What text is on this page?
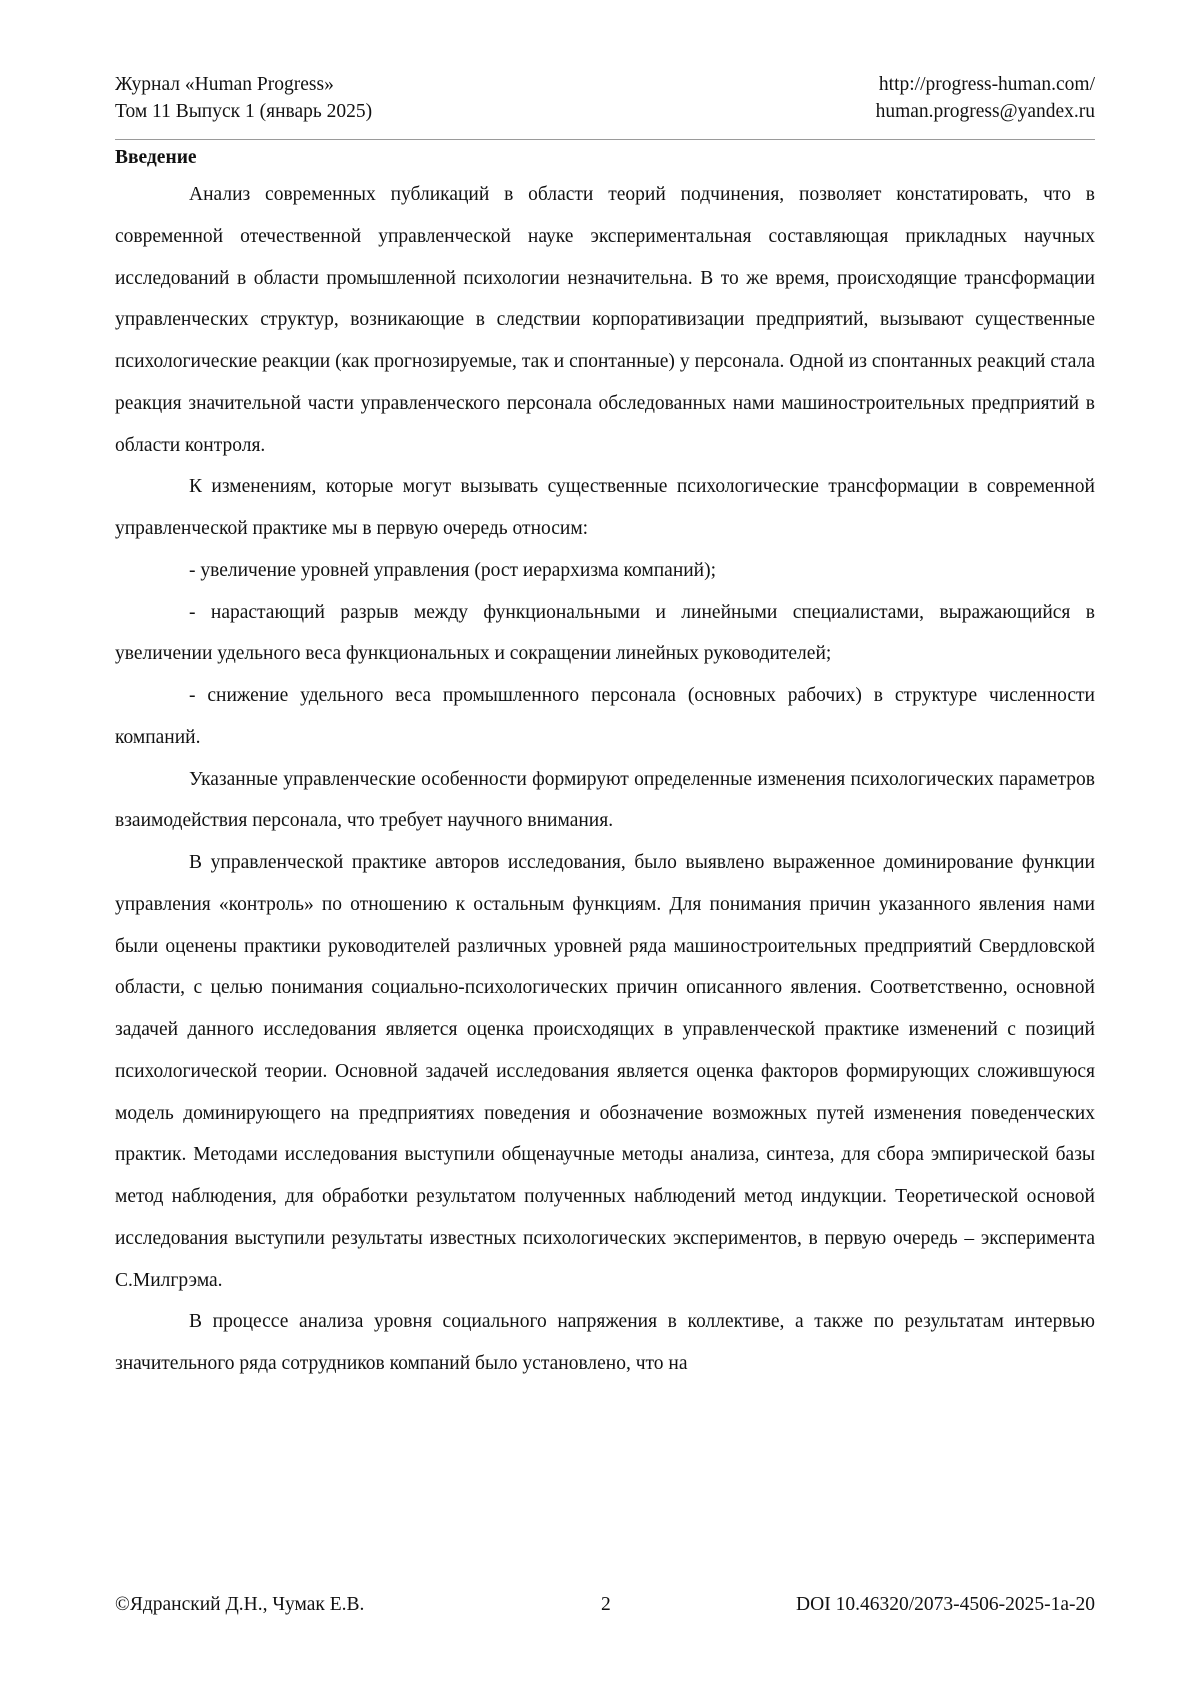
Журнал «Human Progress»	http://progress-human.com/
Том 11 Выпуск 1 (январь 2025)	human.progress@yandex.ru
Введение

Анализ современных публикаций в области теорий подчинения, позволяет констатировать, что в современной отечественной управленческой науке экспериментальная составляющая прикладных научных исследований в области промышленной психологии незначительна. В то же время, происходящие трансформации управленческих структур, возникающие в следствии корпоративизации предприятий, вызывают существенные психологические реакции (как прогнозируемые, так и спонтанные) у персонала. Одной из спонтанных реакций стала реакция значительной части управленческого персонала обследованных нами машиностроительных предприятий в области контроля.

К изменениям, которые могут вызывать существенные психологические трансформации в современной управленческой практике мы в первую очередь относим:

- увеличение уровней управления (рост иерархизма компаний);

- нарастающий разрыв между функциональными и линейными специалистами, выражающийся в увеличении удельного веса функциональных и сокращении линейных руководителей;

- снижение удельного веса промышленного персонала (основных рабочих) в структуре численности компаний.

Указанные управленческие особенности формируют определенные изменения психологических параметров взаимодействия персонала, что требует научного внимания.

В управленческой практике авторов исследования, было выявлено выраженное доминирование функции управления «контроль» по отношению к остальным функциям. Для понимания причин указанного явления нами были оценены практики руководителей различных уровней ряда машиностроительных предприятий Свердловской области, с целью понимания социально-психологических причин описанного явления. Соответственно, основной задачей данного исследования является оценка происходящих в управленческой практике изменений с позиций психологической теории. Основной задачей исследования является оценка факторов формирующих сложившуюся модель доминирующего на предприятиях поведения и обозначение возможных путей изменения поведенческих практик. Методами исследования выступили общенаучные методы анализа, синтеза, для сбора эмпирической базы метод наблюдения, для обработки результатом полученных наблюдений метод индукции. Теоретической основой исследования выступили результаты известных психологических экспериментов, в первую очередь – эксперимента С.Милгрэма.

В процессе анализа уровня социального напряжения в коллективе, а также по результатам интервью значительного ряда сотрудников компаний было установлено, что на

©Ядранский Д.Н., Чумак Е.В.	2	DOI 10.46320/2073-4506-2025-1а-20
